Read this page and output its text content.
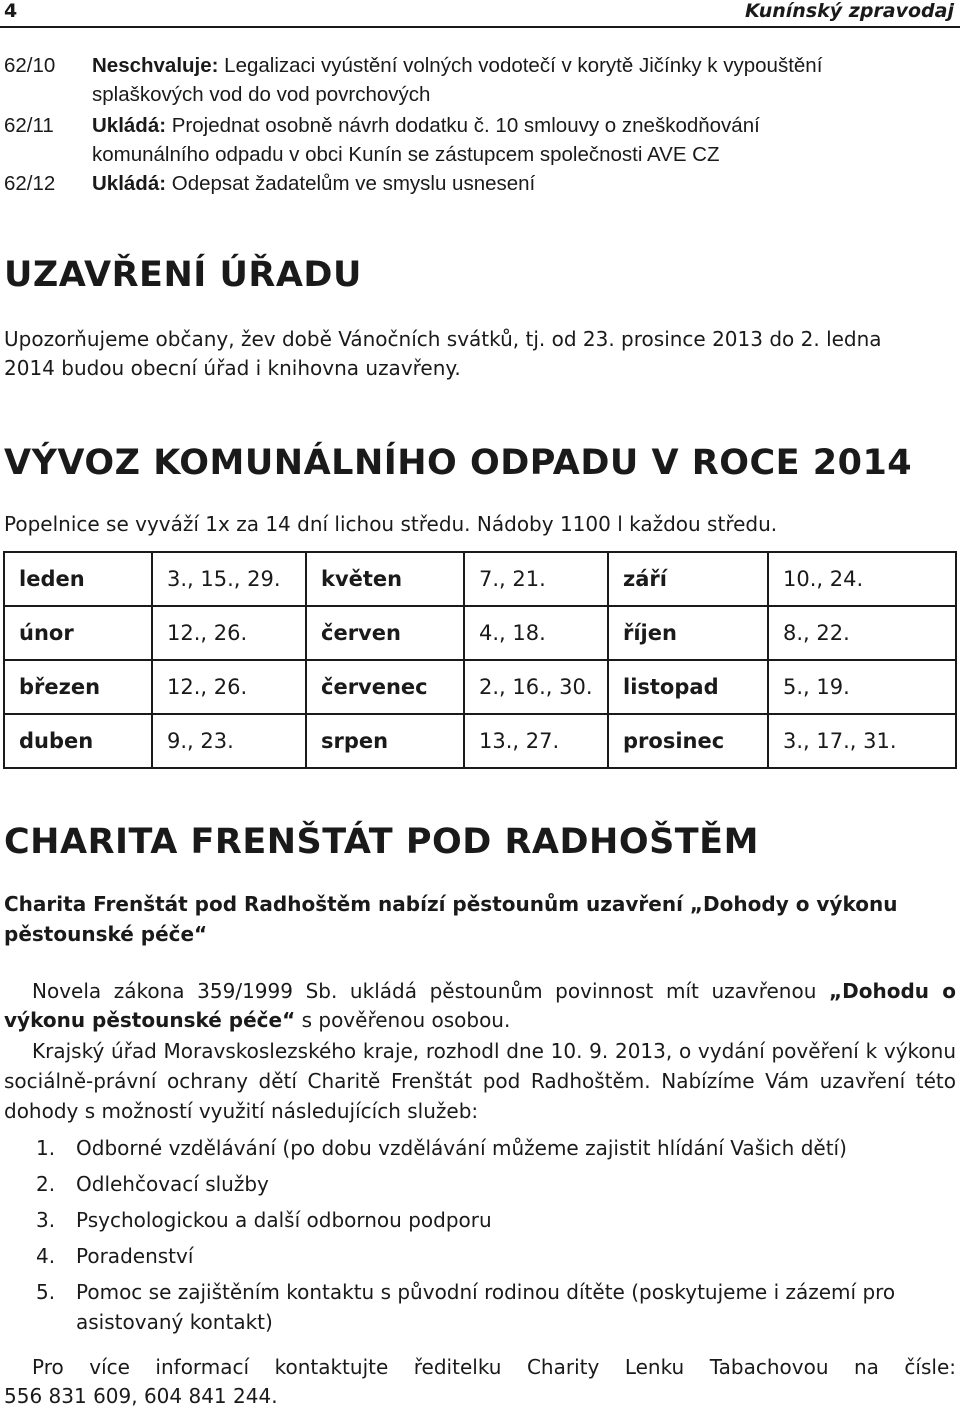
4	Kunínský zpravodaj
62/10	Neschvaluje: Legalizaci vyústění volných vodotečí v korytě Jičínky k vypouštění
splaškových vod do vod povrchových
62/11	Ukládá: Projednat osobně návrh dodatku č. 10 smlouvy o zneškodňování
komunálního odpadu v obci Kunín se zástupcem společnosti AVE CZ
62/12	Ukládá: Odepsat žadatelům ve smyslu usnesení
UZAVŘENÍ ÚŘADU
Upozorňujeme občany, žev době Vánočních svátků, tj. od 23. prosince 2013 do 2. ledna
2014 budou obecní úřad i knihovna uzavřeny.
VÝVOZ KOMUNÁLNÍHO ODPADU V ROCE 2014
Popelnice se vyváží 1x za 14 dní lichou středu. Nádoby 1100 l každou středu.
leden	3., 15., 29.	květen	7., 21.	září	10., 24.
únor	12., 26.	červen	4., 18.	říjen	8., 22.
březen	12., 26.	červenec	2., 16., 30.	listopad	5., 19.
duben	9., 23.	srpen	13., 27.	prosinec	3., 17., 31.
CHARITA FRENŠTÁT POD RADHOŠTĚM
Charita Frenštát pod Radhoštěm nabízí pěstounům uzavření „Dohody o výkonu pěstounské péče“
Novela zákona 359/1999 Sb. ukládá pěstounům povinnost mít uzavřenou „Dohodu o výkonu pěstounské péče“ s pověřenou osobou.
Krajský úřad Moravskoslezského kraje, rozhodl dne 10. 9. 2013, o vydání pověření k výkonu sociálně-právní ochrany dětí Charitě Frenštát pod Radhoštěm. Nabízíme Vám uzavření této dohody s možností využití následujících služeb:
1. Odborné vzdělávání (po dobu vzdělávání můžeme zajistit hlídání Vašich dětí)
2. Odlehčovací služby
3. Psychologickou a další odbornou podporu
4. Poradenství
5. Pomoc se zajištěním kontaktu s původní rodinou dítěte (poskytujeme i zázemí pro asistovaný kontakt)
Pro více informací kontaktujte ředitelku Charity Lenku Tabachovou na čísle:
556 831 609, 604 841 244.
